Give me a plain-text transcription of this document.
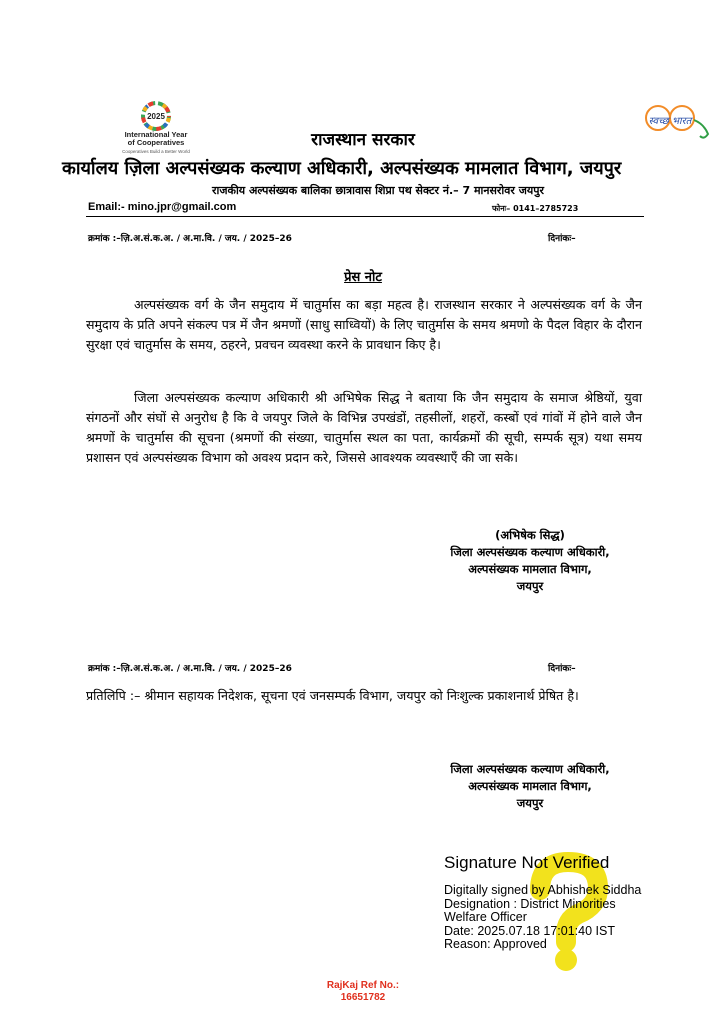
2025
International Year
of Cooperatives
Cooperatives Build a Better World
स्वच्छ भारत
राजस्थान सरकार
कार्यालय ज़िला अल्पसंख्यक कल्याण अधिकारी, अल्पसंख्यक मामलात विभाग, जयपुर
राजकीय अल्पसंख्यक बालिका छात्रावास शिप्रा पथ सेक्टर नं.– 7 मानसरोवर जयपुर
Email:- mino.jpr@gmail.com	फोनः– 0141–2785723
क्रमांक :–ज़ि.अ.सं.क.अ. / अ.मा.वि. / जय. / 2025–26	दिनांकः–
प्रेस नोट
अल्पसंख्यक वर्ग के जैन समुदाय में चातुर्मास का बड़ा महत्व है। राजस्थान सरकार ने अल्पसंख्यक वर्ग के जैन समुदाय के प्रति अपने संकल्प पत्र में जैन श्रमणों (साधु साध्वियों) के लिए चातुर्मास के समय श्रमणो के पैदल विहार के दौरान सुरक्षा एवं चातुर्मास के समय, ठहरने, प्रवचन व्यवस्था करने के प्रावधान किए है।
जिला अल्पसंख्यक कल्याण अधिकारी श्री अभिषेक सिद्ध ने बताया कि जैन समुदाय के समाज श्रेष्ठियों, युवा संगठनों और संघों से अनुरोध है कि वे जयपुर जिले के विभिन्न उपखंडों, तहसीलों, शहरों, कस्बों एवं गांवों में होने वाले जैन श्रमणों के चातुर्मास की सूचना (श्रमणों की संख्या, चातुर्मास स्थल का पता, कार्यक्रमों की सूची, सम्पर्क सूत्र) यथा समय प्रशासन एवं अल्पसंख्यक विभाग को अवश्य प्रदान करे, जिससे आवश्यक व्यवस्थाएँ की जा सके।
(अभिषेक सिद्ध)
जिला अल्पसंख्यक कल्याण अधिकारी,
अल्पसंख्यक मामलात विभाग,
जयपुर
क्रमांक :–ज़ि.अ.सं.क.अ. / अ.मा.वि. / जय. / 2025–26	दिनांकः–
प्रतिलिपि :– श्रीमान सहायक निदेशक, सूचना एवं जनसम्पर्क विभाग, जयपुर को निःशुल्क प्रकाशनार्थ प्रेषित है।
जिला अल्पसंख्यक कल्याण अधिकारी,
अल्पसंख्यक मामलात विभाग,
जयपुर
Signature Not Verified
Digitally signed by Abhishek Siddha
Designation : District Minorities
Welfare Officer
Date: 2025.07.18 17:01:40 IST
Reason: Approved
RajKaj Ref No.:
16651782
